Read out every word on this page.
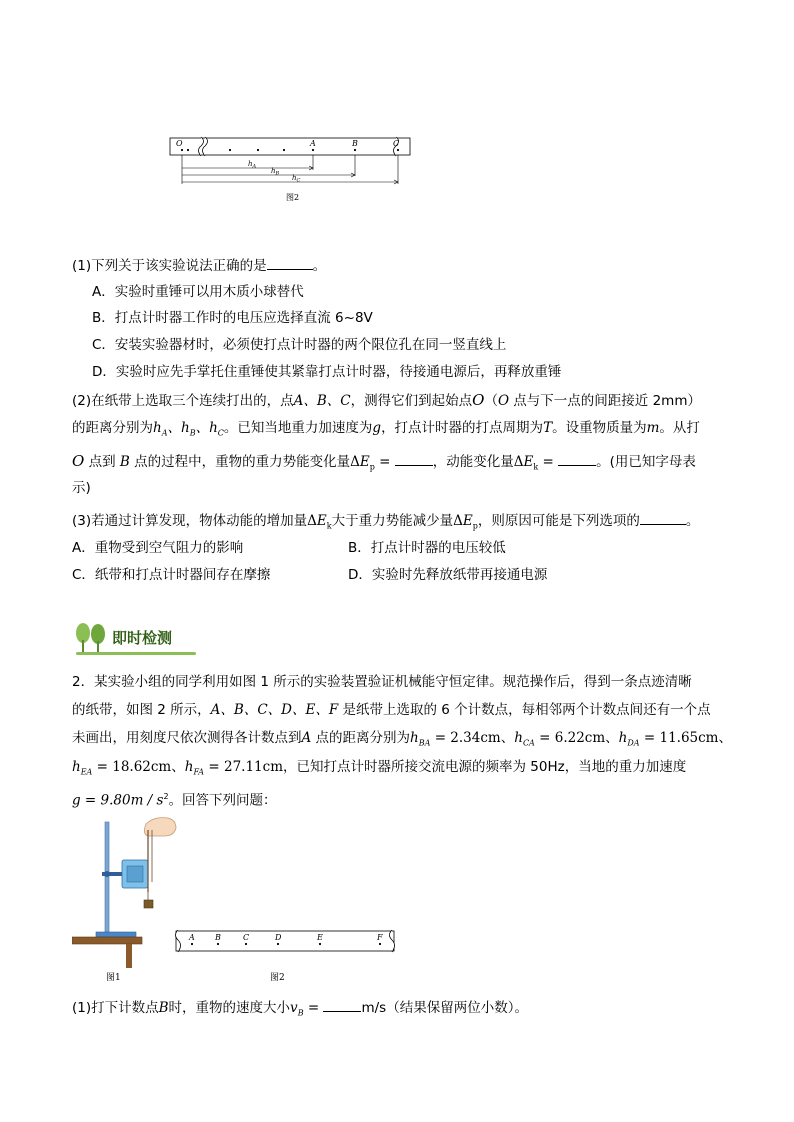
O	A	B	C
$h_A$
$h_B$
$h_C$
图2
(1)下列关于该实验说法正确的是	。
A．实验时重锤可以用木质小球替代
B．打点计时器工作时的电压应选择直流 6~8V
C．安装实验器材时，必须使打点计时器的两个限位孔在同一竖直线上
D．实验时应先手掌托住重锤使其紧靠打点计时器，待接通电源后，再释放重锤
(2)在纸带上选取三个连续打出的，点A、B、C，测得它们到起始点O（O 点与下一点的间距接近 2mm）
的距离分别为$h_A$、$h_B$、$h_C$。已知当地重力加速度为g，打点计时器的打点周期为T。设重物质量为m。从打
O 点到 B 点的过程中，重物的重力势能变化量$\Delta E_p$ =	，动能变化量$\Delta E_k$ =	。(用已知字母表
示)
(3)若通过计算发现，物体动能的增加量$\Delta E_k$大于重力势能减少量$\Delta E_p$，则原因可能是下列选项的	。
A．重物受到空气阻力的影响	B．打点计时器的电压较低
C．纸带和打点计时器间存在摩擦	D．实验时先释放纸带再接通电源
即时检测
2．某实验小组的同学利用如图 1 所示的实验装置验证机械能守恒定律。规范操作后，得到一条点迹清晰
的纸带，如图 2 所示，A、B、C、D、E、F 是纸带上选取的 6 个计数点，每相邻两个计数点间还有一个点
未画出，用刻度尺依次测得各计数点到A 点的距离分别为$h_{BA} = 2.34cm$、$h_{CA} = 6.22cm$、$h_{DA} = 11.65cm$、
$h_{EA} = 18.62cm$、$h_{FA} = 27.11cm$，已知打点计时器所接交流电源的频率为 50Hz，当地的重力加速度
$g = 9.80m / s^2$。回答下列问题：
图1
A	B	C	D	E	F
图2
(1)打下计数点B时，重物的速度大小$v_B$ =	m/s（结果保留两位小数）。
